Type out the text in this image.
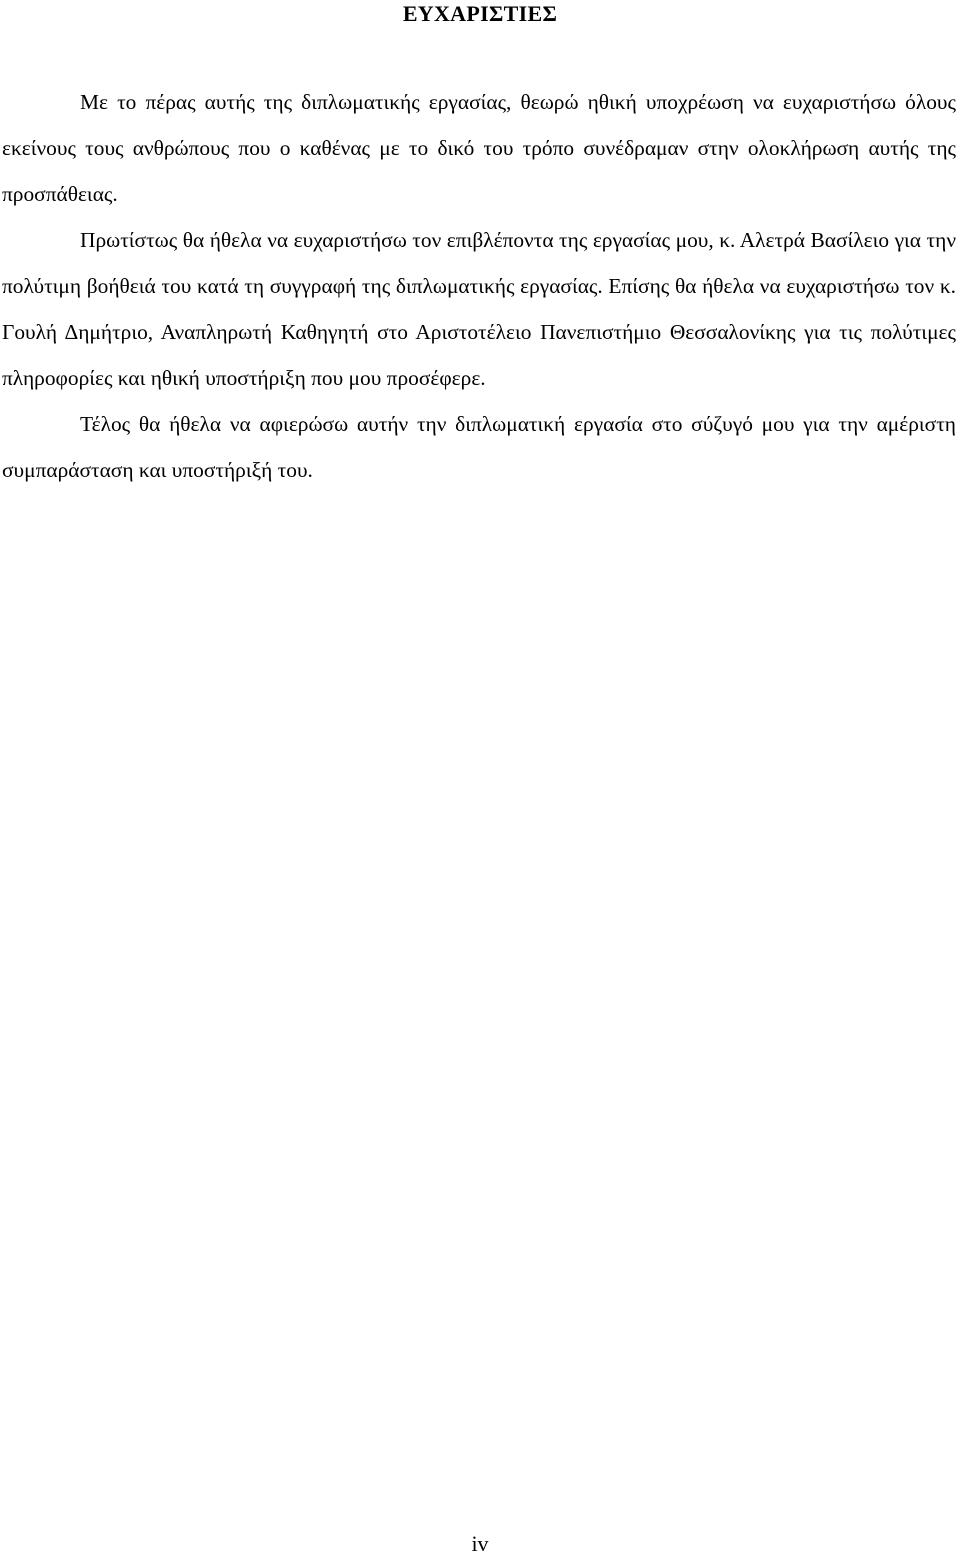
ΕΥΧΑΡΙΣΤΙΕΣ

Με το πέρας αυτής της διπλωματικής εργασίας, θεωρώ ηθική υποχρέωση να ευχαριστήσω όλους εκείνους τους ανθρώπους που ο καθένας με το δικό του τρόπο συνέδραμαν στην ολοκλήρωση αυτής της προσπάθειας.

Πρωτίστως θα ήθελα να ευχαριστήσω τον επιβλέποντα της εργασίας μου, κ. Αλετρά Βασίλειο για την πολύτιμη βοήθειά του κατά τη συγγραφή της διπλωματικής εργασίας. Επίσης θα ήθελα να ευχαριστήσω τον κ. Γουλή Δημήτριο, Αναπληρωτή Καθηγητή στο Αριστοτέλειο Πανεπιστήμιο Θεσσαλονίκης για τις πολύτιμες πληροφορίες και ηθική υποστήριξη που μου προσέφερε.

Τέλος θα ήθελα να αφιερώσω αυτήν την διπλωματική εργασία στο σύζυγό μου για την αμέριστη συμπαράσταση και υποστήριξή του.

iv
